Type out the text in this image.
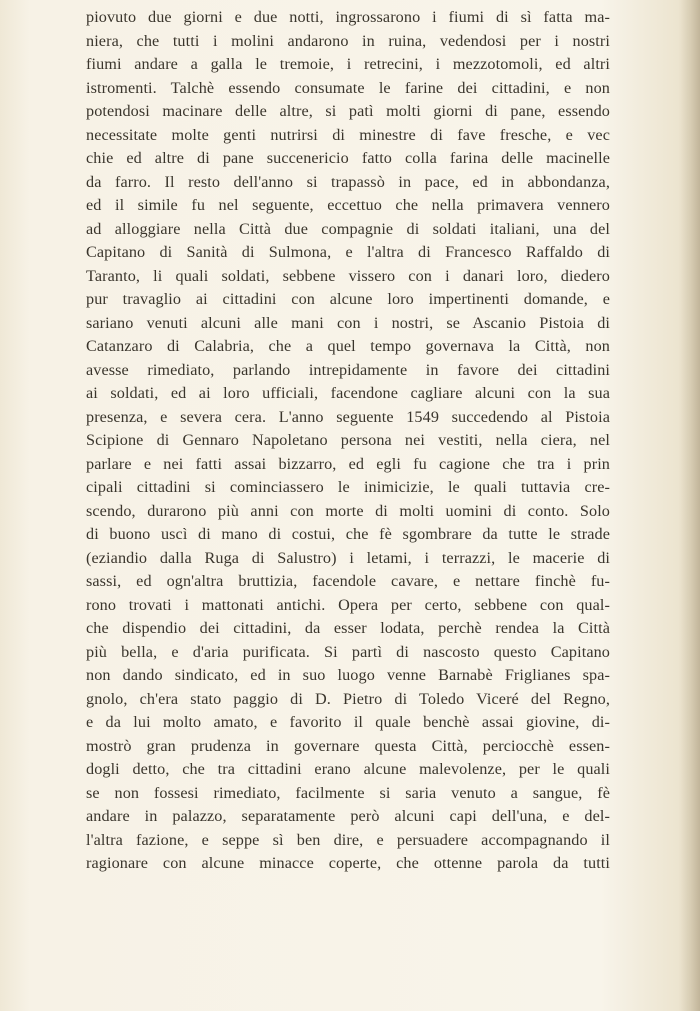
piovuto due giorni e due notti, ingrossarono i fiumi di sì fatta ma-
niera, che tutti i molini andarono in ruina, vedendosi per i nostri
fiumi andare a galla le tremoie, i retrecini, i mezzotomoli, ed altri
istromenti. Talchè essendo consumate le farine dei cittadini, e non
potendosi macinare delle altre, si patì molti giorni di pane, essendo
necessitate molte genti nutrirsi di minestre di fave fresche, e vec
chie ed altre di pane succenericio fatto colla farina delle macinelle
da farro. Il resto dell'anno si trapassò in pace, ed in abbondanza,
ed il simile fu nel seguente, eccettuo che nella primavera vennero
ad alloggiare nella Città due compagnie di soldati italiani, una del
Capitano di Sanità di Sulmona, e l'altra di Francesco Raffaldo di
Taranto, li quali soldati, sebbene vissero con i danari loro, diedero
pur travaglio ai cittadini con alcune loro impertinenti domande, e
sariano venuti alcuni alle mani con i nostri, se Ascanio Pistoia di
Catanzaro di Calabria, che a quel tempo governava la Città, non
avesse rimediato, parlando intrepidamente in favore dei cittadini
ai soldati, ed ai loro ufficiali, facendone cagliare alcuni con la sua
presenza, e severa cera. L'anno seguente 1549 succedendo al Pistoia
Scipione di Gennaro Napoletano persona nei vestiti, nella ciera, nel
parlare e nei fatti assai bizzarro, ed egli fu cagione che tra i prin
cipali cittadini si cominciassero le inimicizie, le quali tuttavia cre-
scendo, durarono più anni con morte di molti uomini di conto. Solo
di buono uscì di mano di costui, che fè sgombrare da tutte le strade
(eziandio dalla Ruga di Salustro) i letami, i terrazzi, le macerie di
sassi, ed ogn'altra bruttizia, facendole cavare, e nettare finchè fu-
rono trovati i mattonati antichi. Opera per certo, sebbene con qual-
che dispendio dei cittadini, da esser lodata, perchè rendea la Città
più bella, e d'aria purificata. Si partì di nascosto questo Capitano
non dando sindicato, ed in suo luogo venne Barnabè Friglianes spa-
gnolo, ch'era stato paggio di D. Pietro di Toledo Viceré del Regno,
e da lui molto amato, e favorito il quale benchè assai giovine, di-
mostrò gran prudenza in governare questa Città, perciocchè essen-
dogli detto, che tra cittadini erano alcune malevolenze, per le quali
se non fossesi rimediato, facilmente si saria venuto a sangue, fè
andare in palazzo, separatamente però alcuni capi dell'una, e del-
l'altra fazione, e seppe sì ben dire, e persuadere accompagnando il
ragionare con alcune minacce coperte, che ottenne parola da tutti
